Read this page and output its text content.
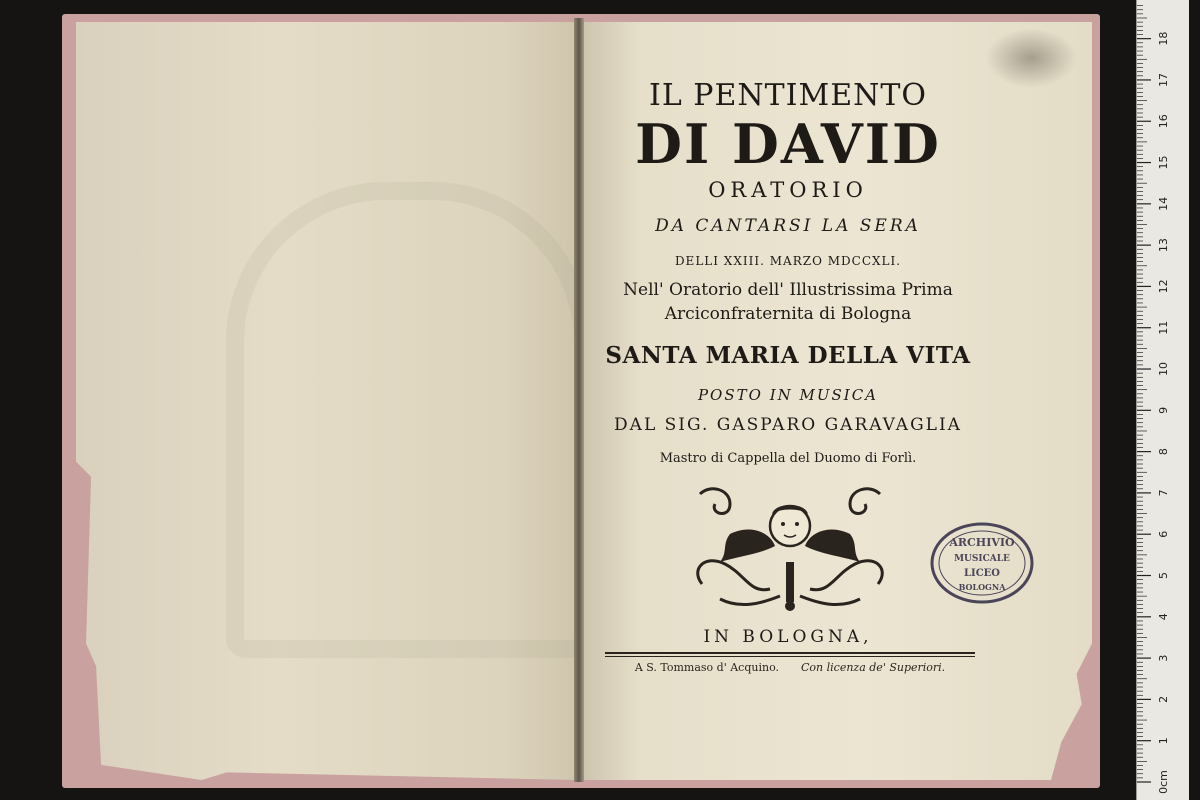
IL PENTIMENTO
DI DAVID
ORATORIO
DA CANTARSI LA SERA
DELLI XXIII. MARZO MDCCXLI.
Nell' Oratorio dell' Illustrissima Prima
Arciconfraternita di Bologna
SANTA MARIA DELLA VITA
POSTO IN MUSICA
DAL SIG. GASPARO GARAVAGLIA
Mastro di Cappella del Duomo di Forlì.
ARCHIVIO
MUSICALE
LICEO
BOLOGNA
IN BOLOGNA,
A S. Tommaso d' Acquino. Con licenza de' Superiori.
0cm
1
2
3
4
5
6
7
8
9
10
11
12
13
14
15
16
17
18
